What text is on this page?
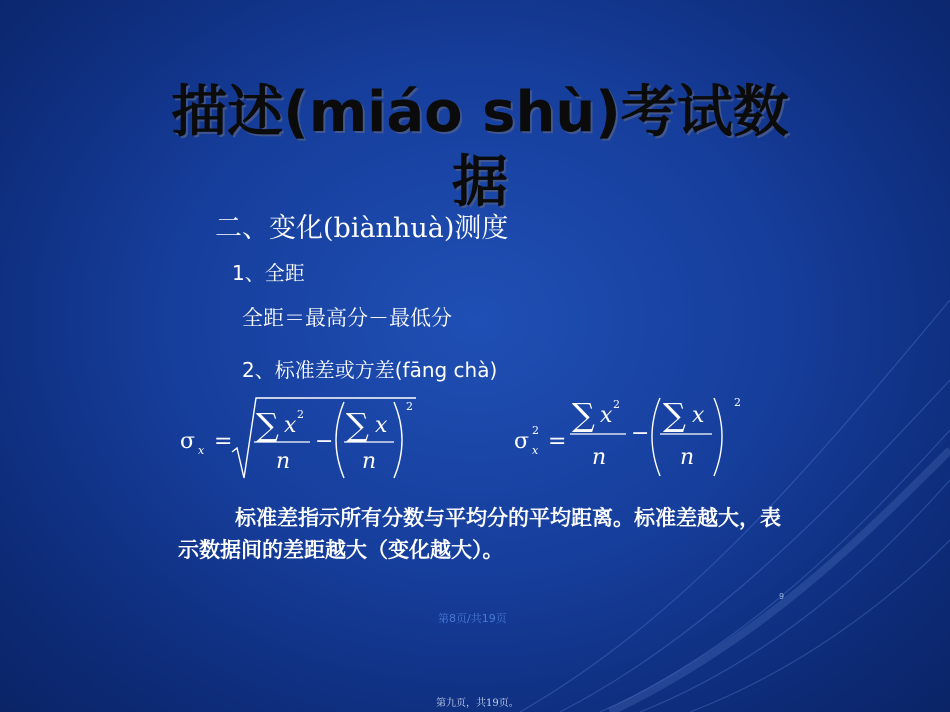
描述(miáo shù)考试数据
二、变化(biànhuà)测度
1、全距
全距＝最高分－最低分
2、标准差或方差(fāng chà)
σ x = ∑ x 2
n
− ∑ x
n
2
σ 2
x =
∑ x 2
n
− ∑ x
n
2
标准差指示所有分数与平均分的平均距离。标准差越大，表示数据间的差距越大（变化越大）。
9
第8页/共19页
第九页，共19页。
